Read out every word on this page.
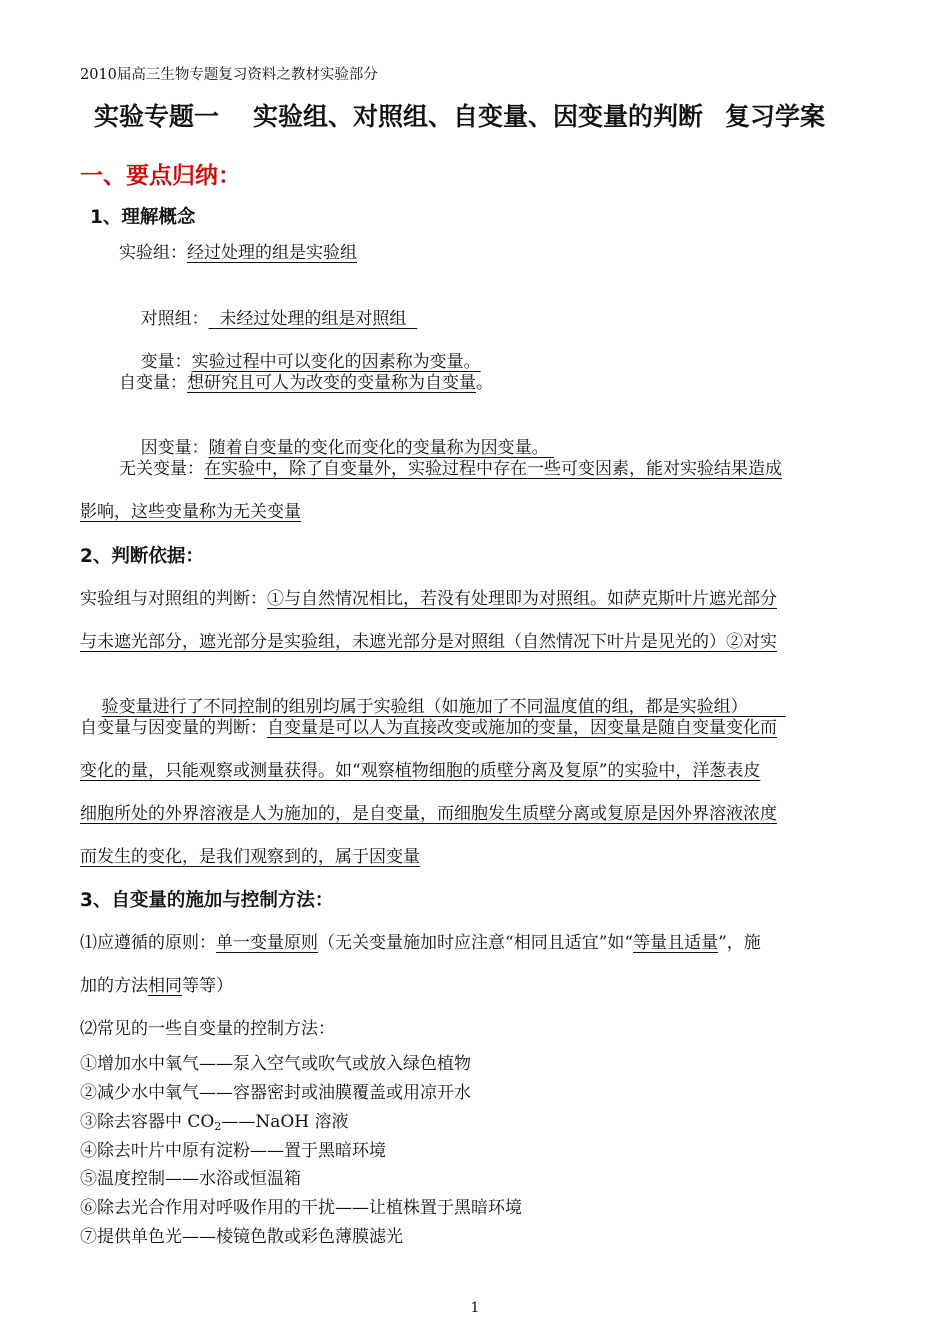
2010届高三生物专题复习资料之教材实验部分
实验专题一 实验组、对照组、自变量、因变量的判断 复习学案
一、要点归纳：
1、理解概念
实验组：经过处理的组是实验组

对照组：  未经过处理的组是对照组

变量：实验过程中可以变化的因素称为变量。

自变量：想研究且可人为改变的变量称为自变量。

因变量：随着自变量的变化而变化的变量称为因变量。

无关变量：在实验中，除了自变量外，实验过程中存在一些可变因素，能对实验结果造成
影响，这些变量称为无关变量
2、判断依据：
实验组与对照组的判断：①与自然情况相比，若没有处理即为对照组。如萨克斯叶片遮光部分
与未遮光部分，遮光部分是实验组，未遮光部分是对照组（自然情况下叶片是见光的）②对实

验变量进行了不同控制的组别均属于实验组（如施加了不同温度值的组，都是实验组）

自变量与因变量的判断：自变量是可以人为直接改变或施加的变量，因变量是随自变量变化而
变化的量，只能观察或测量获得。如“观察植物细胞的质壁分离及复原”的实验中，洋葱表皮
细胞所处的外界溶液是人为施加的，是自变量，而细胞发生质壁分离或复原是因外界溶液浓度
而发生的变化，是我们观察到的，属于因变量
3、自变量的施加与控制方法：
⑴应遵循的原则：单一变量原则（无关变量施加时应注意“相同且适宜”如“等量且适量”，施
加的方法相同等等）
⑵常见的一些自变量的控制方法：
①增加水中氧气——泵入空气或吹气或放入绿色植物
②减少水中氧气——容器密封或油膜覆盖或用凉开水
③除去容器中 $CO_2——NaOH$ 溶液
④除去叶片中原有淀粉——置于黑暗环境
⑤温度控制——水浴或恒温箱
⑥除去光合作用对呼吸作用的干扰——让植株置于黑暗环境
⑦提供单色光——棱镜色散或彩色薄膜滤光
1
